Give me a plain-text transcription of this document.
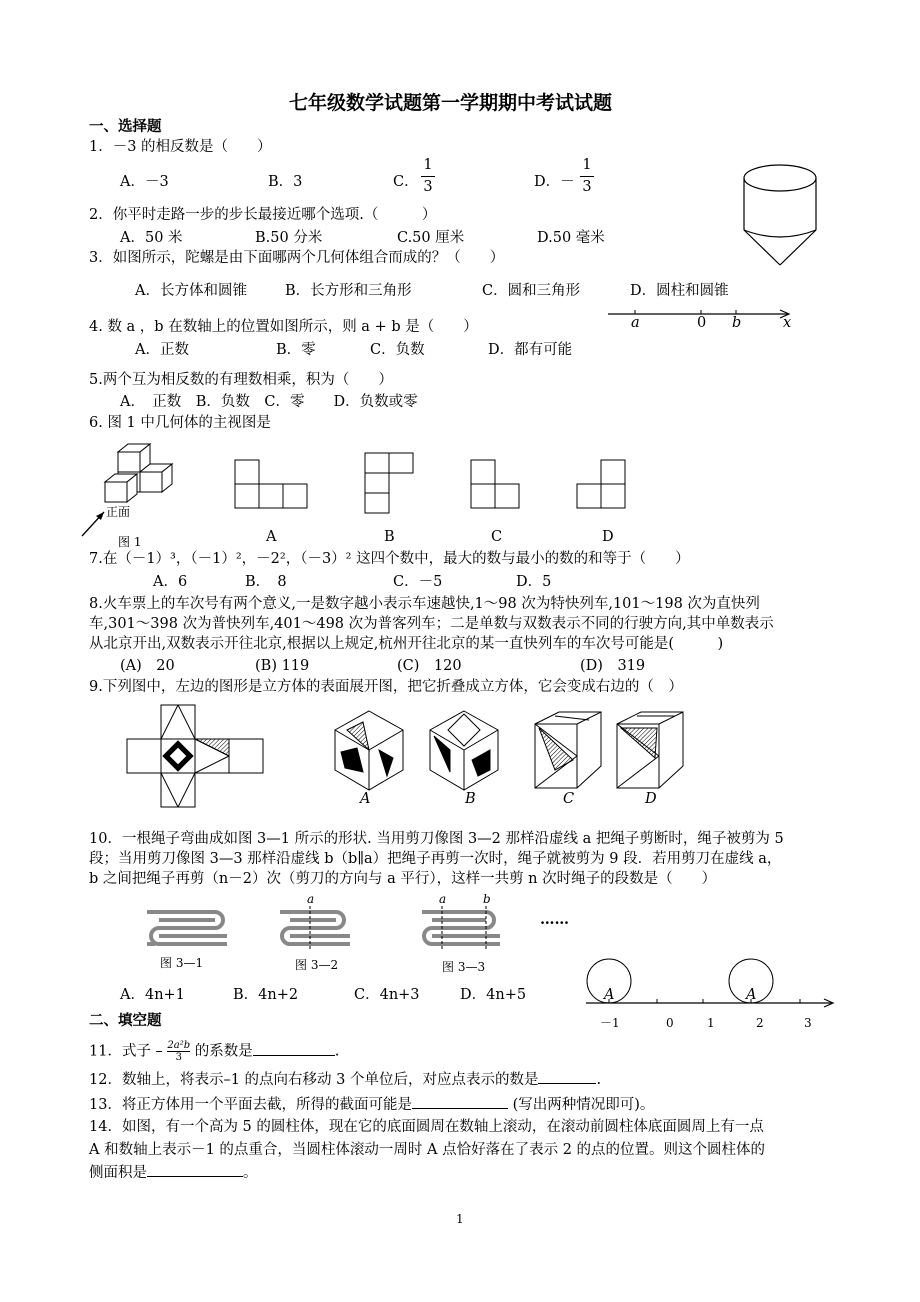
七年级数学试题第一学期期中考试试题
一、选择题
1．－3 的相反数是（　　）
A．－3	B．3	C．
1
3	D．－
1
3
2．你平时走路一步的步长最接近哪个选项.（　　　）
A．50 米	B.50 分米	C.50 厘米	D.50 毫米
3．如图所示，陀螺是由下面哪两个几何体组合而成的？（　　）
A．长方体和圆锥	B．长方形和三角形	C．圆和三角形	D．圆柱和圆锥
a	0 b	x
4. 数 a ，b 在数轴上的位置如图所示，则 a + b 是（　　）
A．正数	B．零	C．负数	D．都有可能
5.两个互为相反数的有理数相乘，积为（　　）
A．　正数　B．负数　C．零　　D．负数或零
6. 图 1 中几何体的主视图是
正面
图 1	A	B	C	D
7.在（－1）³，（－1）²，－2²，（－3）² 这四个数中，最大的数与最小的数的和等于（　　）
A．6	B．　8	C．－5	D．5
8.火车票上的车次号有两个意义,一是数字越小表示车速越快,1～98 次为特快列车,101～198 次为直快列
车,301～398 次为普快列车,401～498 次为普客列车；二是单数与双数表示不同的行驶方向,其中单数表示
从北京开出,双数表示开往北京,根据以上规定,杭州开往北京的某一直快列车的车次号可能是(　　　)
(A)　20	(B) 119	(C)　120	(D)　319
9.下列图中，左边的图形是立方体的表面展开图，把它折叠成立方体，它会变成右边的（　）
A	B	C	D
10．一根绳子弯曲成如图 3—1 所示的形状. 当用剪刀像图 3—2 那样沿虚线 a 把绳子剪断时，绳子被剪为 5
段；当用剪刀像图 3—3 那样沿虚线 b（b∥a）把绳子再剪一次时，绳子就被剪为 9 段．若用剪刀在虚线 a，
b 之间把绳子再剪（n－2）次（剪刀的方向与 a 平行），这样一共剪 n 次时绳子的段数是（　　）
a	a	b
……
图 3—1	图 3—2	图 3—3
A．4n+1	B．4n+2	C．4n+3	D．4n+5	A	A
－1	0	1	2	3
二、填空题
11．式子 – $\frac{\text{2a²b}}{3}$ 的系数是	.
12．数轴上，将表示–1 的点向右移动 3 个单位后，对应点表示的数是	.
13．将正方体用一个平面去截，所得的截面可能是	(写出两种情况即可)。
14．如图，有一个高为 5 的圆柱体，现在它的底面圆周在数轴上滚动，在滚动前圆柱体底面圆周上有一点
A 和数轴上表示－1 的点重合，当圆柱体滚动一周时 A 点恰好落在了表示 2 的点的位置。则这个圆柱体的
侧面积是	。
1
